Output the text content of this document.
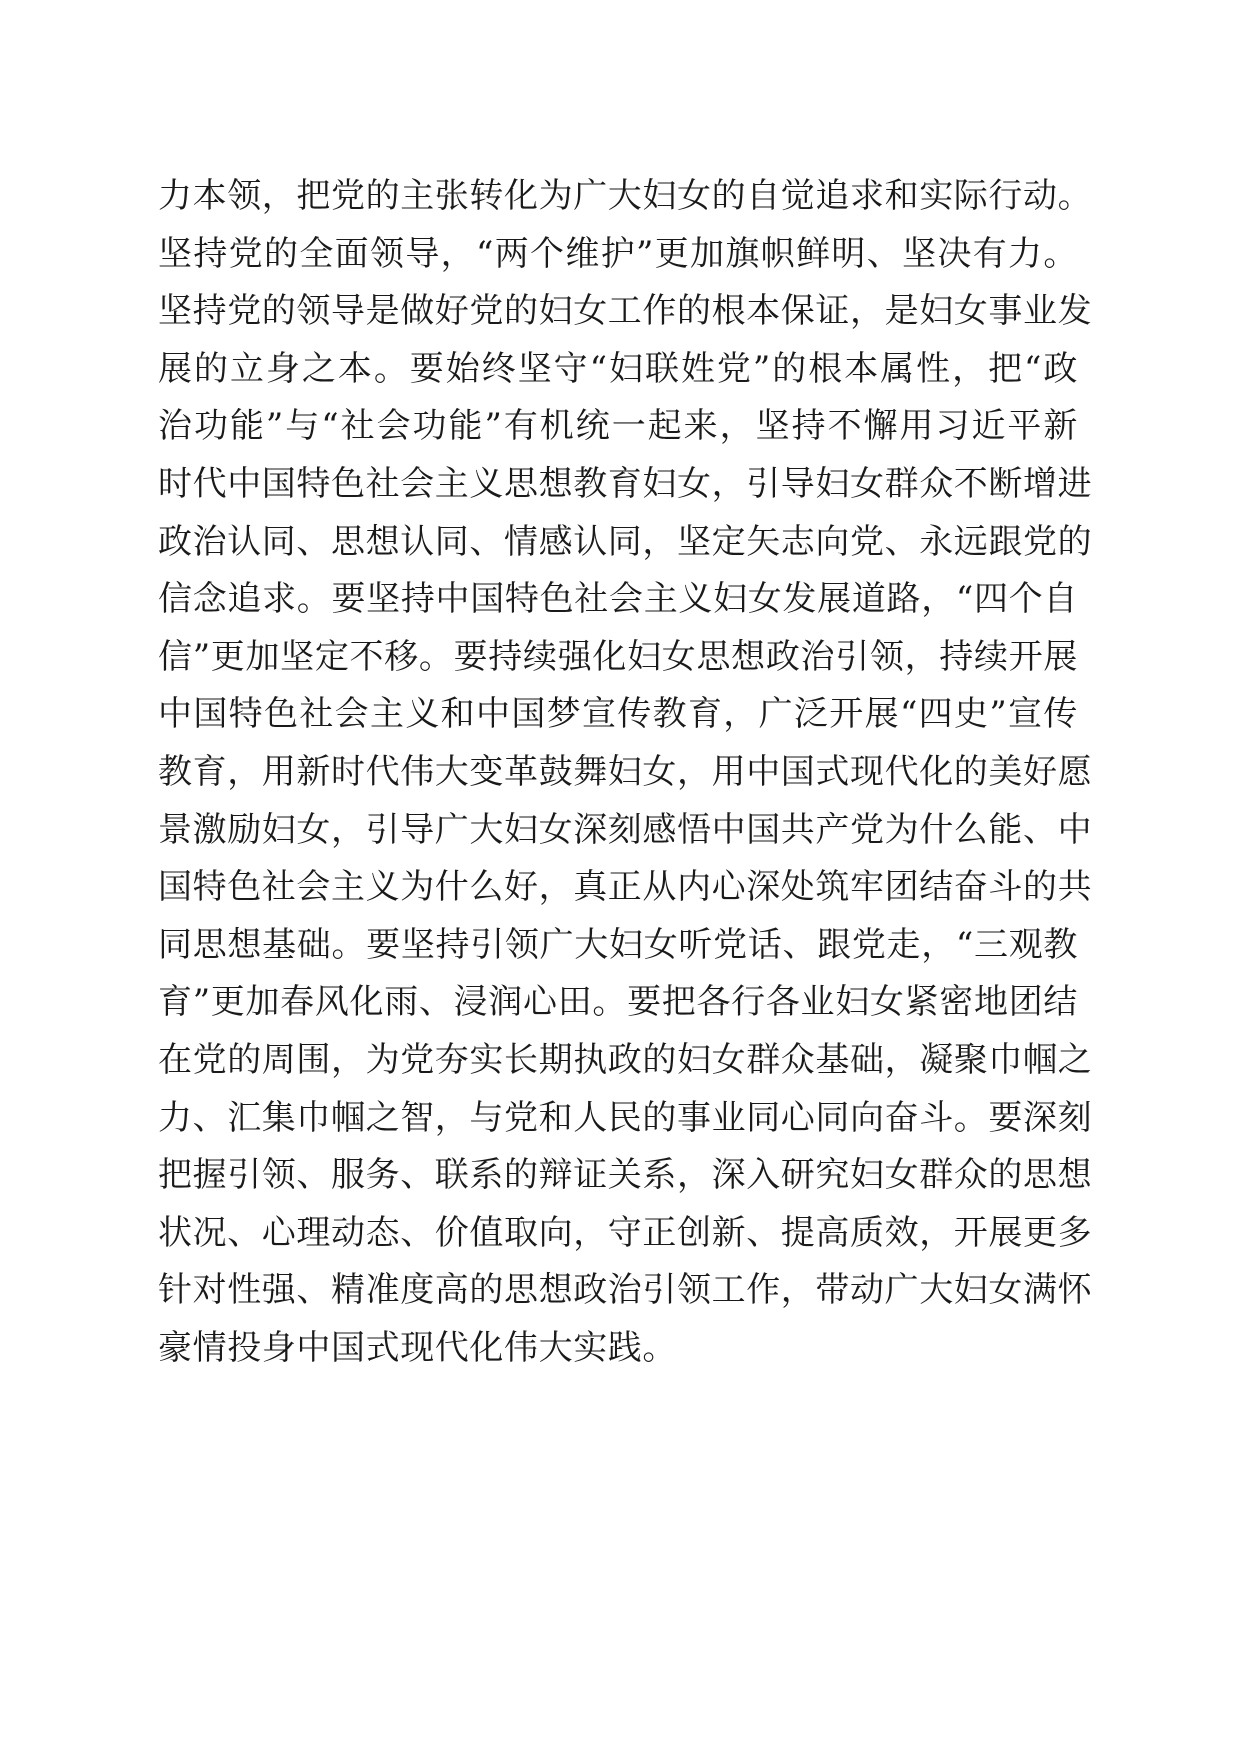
力本领，把党的主张转化为广大妇女的自觉追求和实际行动。
坚持党的全面领导，“两个维护”更加旗帜鲜明、坚决有力。
坚持党的领导是做好党的妇女工作的根本保证，是妇女事业发
展的立身之本。要始终坚守“妇联姓党”的根本属性，把“政
治功能”与“社会功能”有机统一起来，坚持不懈用习近平新
时代中国特色社会主义思想教育妇女，引导妇女群众不断增进
政治认同、思想认同、情感认同，坚定矢志向党、永远跟党的
信念追求。要坚持中国特色社会主义妇女发展道路，“四个自
信”更加坚定不移。要持续强化妇女思想政治引领，持续开展
中国特色社会主义和中国梦宣传教育，广泛开展“四史”宣传
教育，用新时代伟大变革鼓舞妇女，用中国式现代化的美好愿
景激励妇女，引导广大妇女深刻感悟中国共产党为什么能、中
国特色社会主义为什么好，真正从内心深处筑牢团结奋斗的共
同思想基础。要坚持引领广大妇女听党话、跟党走，“三观教
育”更加春风化雨、浸润心田。要把各行各业妇女紧密地团结
在党的周围，为党夯实长期执政的妇女群众基础，凝聚巾帼之
力、汇集巾帼之智，与党和人民的事业同心同向奋斗。要深刻
把握引领、服务、联系的辩证关系，深入研究妇女群众的思想
状况、心理动态、价值取向，守正创新、提高质效，开展更多
针对性强、精准度高的思想政治引领工作，带动广大妇女满怀
豪情投身中国式现代化伟大实践。
